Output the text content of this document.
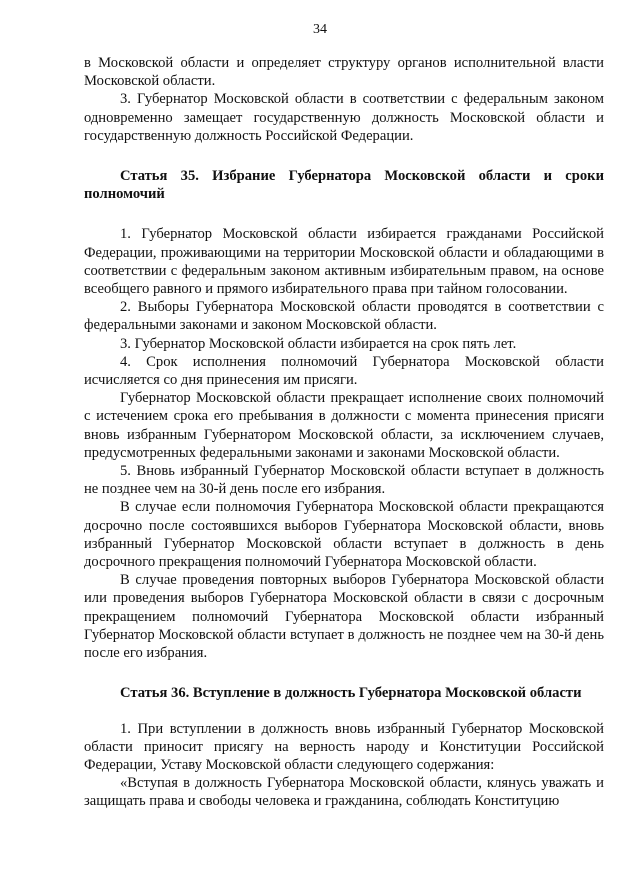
34

в Московской области и определяет структуру органов исполнительной власти Московской области.

3. Губернатор Московской области в соответствии с федеральным законом одновременно замещает государственную должность Московской области и государственную должность Российской Федерации.

Статья 35. Избрание Губернатора Московской области и сроки полномочий

1. Губернатор Московской области избирается гражданами Российской Федерации, проживающими на территории Московской области и обладающими в соответствии с федеральным законом активным избирательным правом, на основе всеобщего равного и прямого избирательного права при тайном голосовании.

2. Выборы Губернатора Московской области проводятся в соответствии с федеральными законами и законом Московской области.

3. Губернатор Московской области избирается на срок пять лет.

4. Срок исполнения полномочий Губернатора Московской области исчисляется со дня принесения им присяги.

Губернатор Московской области прекращает исполнение своих полномочий с истечением срока его пребывания в должности с момента принесения присяги вновь избранным Губернатором Московской области, за исключением случаев, предусмотренных федеральными законами и законами Московской области.

5. Вновь избранный Губернатор Московской области вступает в должность не позднее чем на 30-й день после его избрания.

В случае если полномочия Губернатора Московской области прекращаются досрочно после состоявшихся выборов Губернатора Московской области, вновь избранный Губернатор Московской области вступает в должность в день досрочного прекращения полномочий Губернатора Московской области.

В случае проведения повторных выборов Губернатора Московской области или проведения выборов Губернатора Московской области в связи с досрочным прекращением полномочий Губернатора Московской области избранный Губернатор Московской области вступает в должность не позднее чем на 30-й день после его избрания.

Статья 36. Вступление в должность Губернатора Московской области

1. При вступлении в должность вновь избранный Губернатор Московской области приносит присягу на верность народу и Конституции Российской Федерации, Уставу Московской области следующего содержания:

«Вступая в должность Губернатора Московской области, клянусь уважать и защищать права и свободы человека и гражданина, соблюдать Конституцию
